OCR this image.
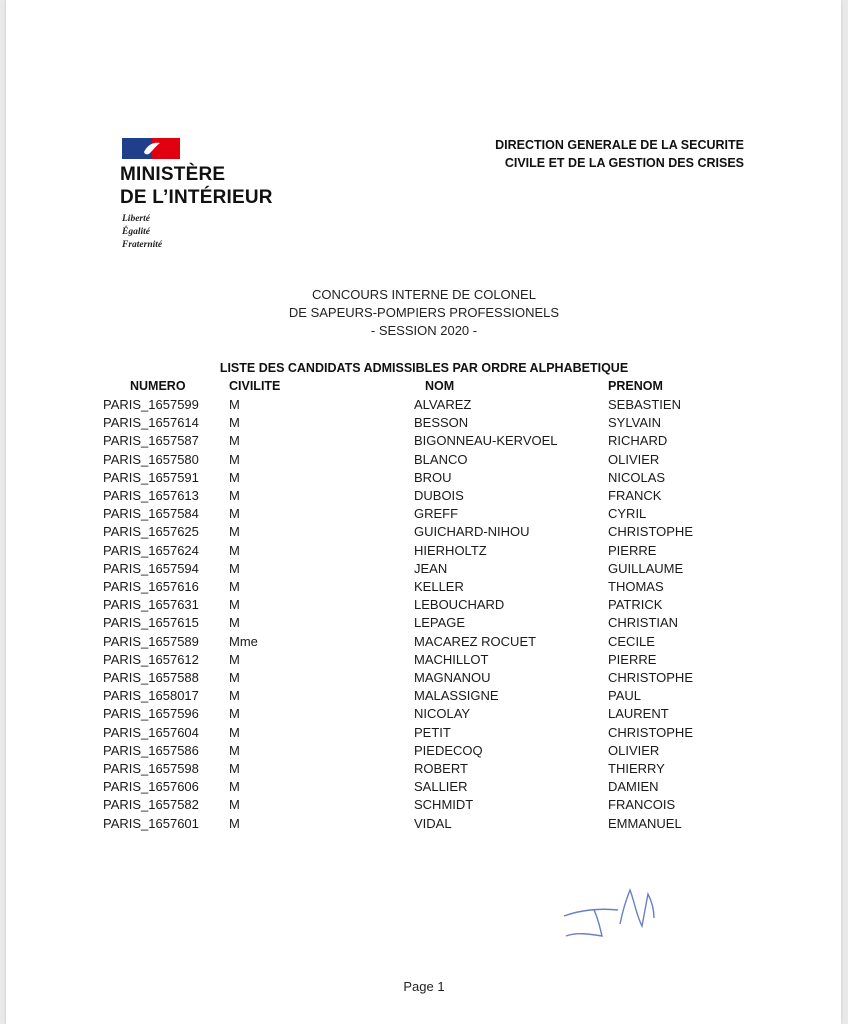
MINISTÈRE
DE L’INTÉRIEUR
Liberté
Égalité
Fraternité
DIRECTION GENERALE DE LA SECURITE
CIVILE ET DE LA GESTION DES CRISES
CONCOURS INTERNE DE COLONEL
DE SAPEURS-POMPIERS PROFESSIONELS
- SESSION 2020 -
LISTE DES CANDIDATS ADMISSIBLES PAR ORDRE ALPHABETIQUE
NUMERO	CIVILITE	NOM	PRENOM
PARIS_1657599 M	ALVAREZ	SEBASTIEN
PARIS_1657614 M	BESSON	SYLVAIN
PARIS_1657587 M	BIGONNEAU-KERVOEL	RICHARD
PARIS_1657580 M	BLANCO	OLIVIER
PARIS_1657591 M	BROU	NICOLAS
PARIS_1657613 M	DUBOIS	FRANCK
PARIS_1657584 M	GREFF	CYRIL
PARIS_1657625 M	GUICHARD-NIHOU	CHRISTOPHE
PARIS_1657624 M	HIERHOLTZ	PIERRE
PARIS_1657594 M	JEAN	GUILLAUME
PARIS_1657616 M	KELLER	THOMAS
PARIS_1657631 M	LEBOUCHARD	PATRICK
PARIS_1657615 M	LEPAGE	CHRISTIAN
PARIS_1657589 Mme	MACAREZ ROCUET	CECILE
PARIS_1657612 M	MACHILLOT	PIERRE
PARIS_1657588 M	MAGNANOU	CHRISTOPHE
PARIS_1658017 M	MALASSIGNE	PAUL
PARIS_1657596 M	NICOLAY	LAURENT
PARIS_1657604 M	PETIT	CHRISTOPHE
PARIS_1657586 M	PIEDECOQ	OLIVIER
PARIS_1657598 M	ROBERT	THIERRY
PARIS_1657606 M	SALLIER	DAMIEN
PARIS_1657582 M	SCHMIDT	FRANCOIS
PARIS_1657601 M	VIDAL	EMMANUEL
Page 1
